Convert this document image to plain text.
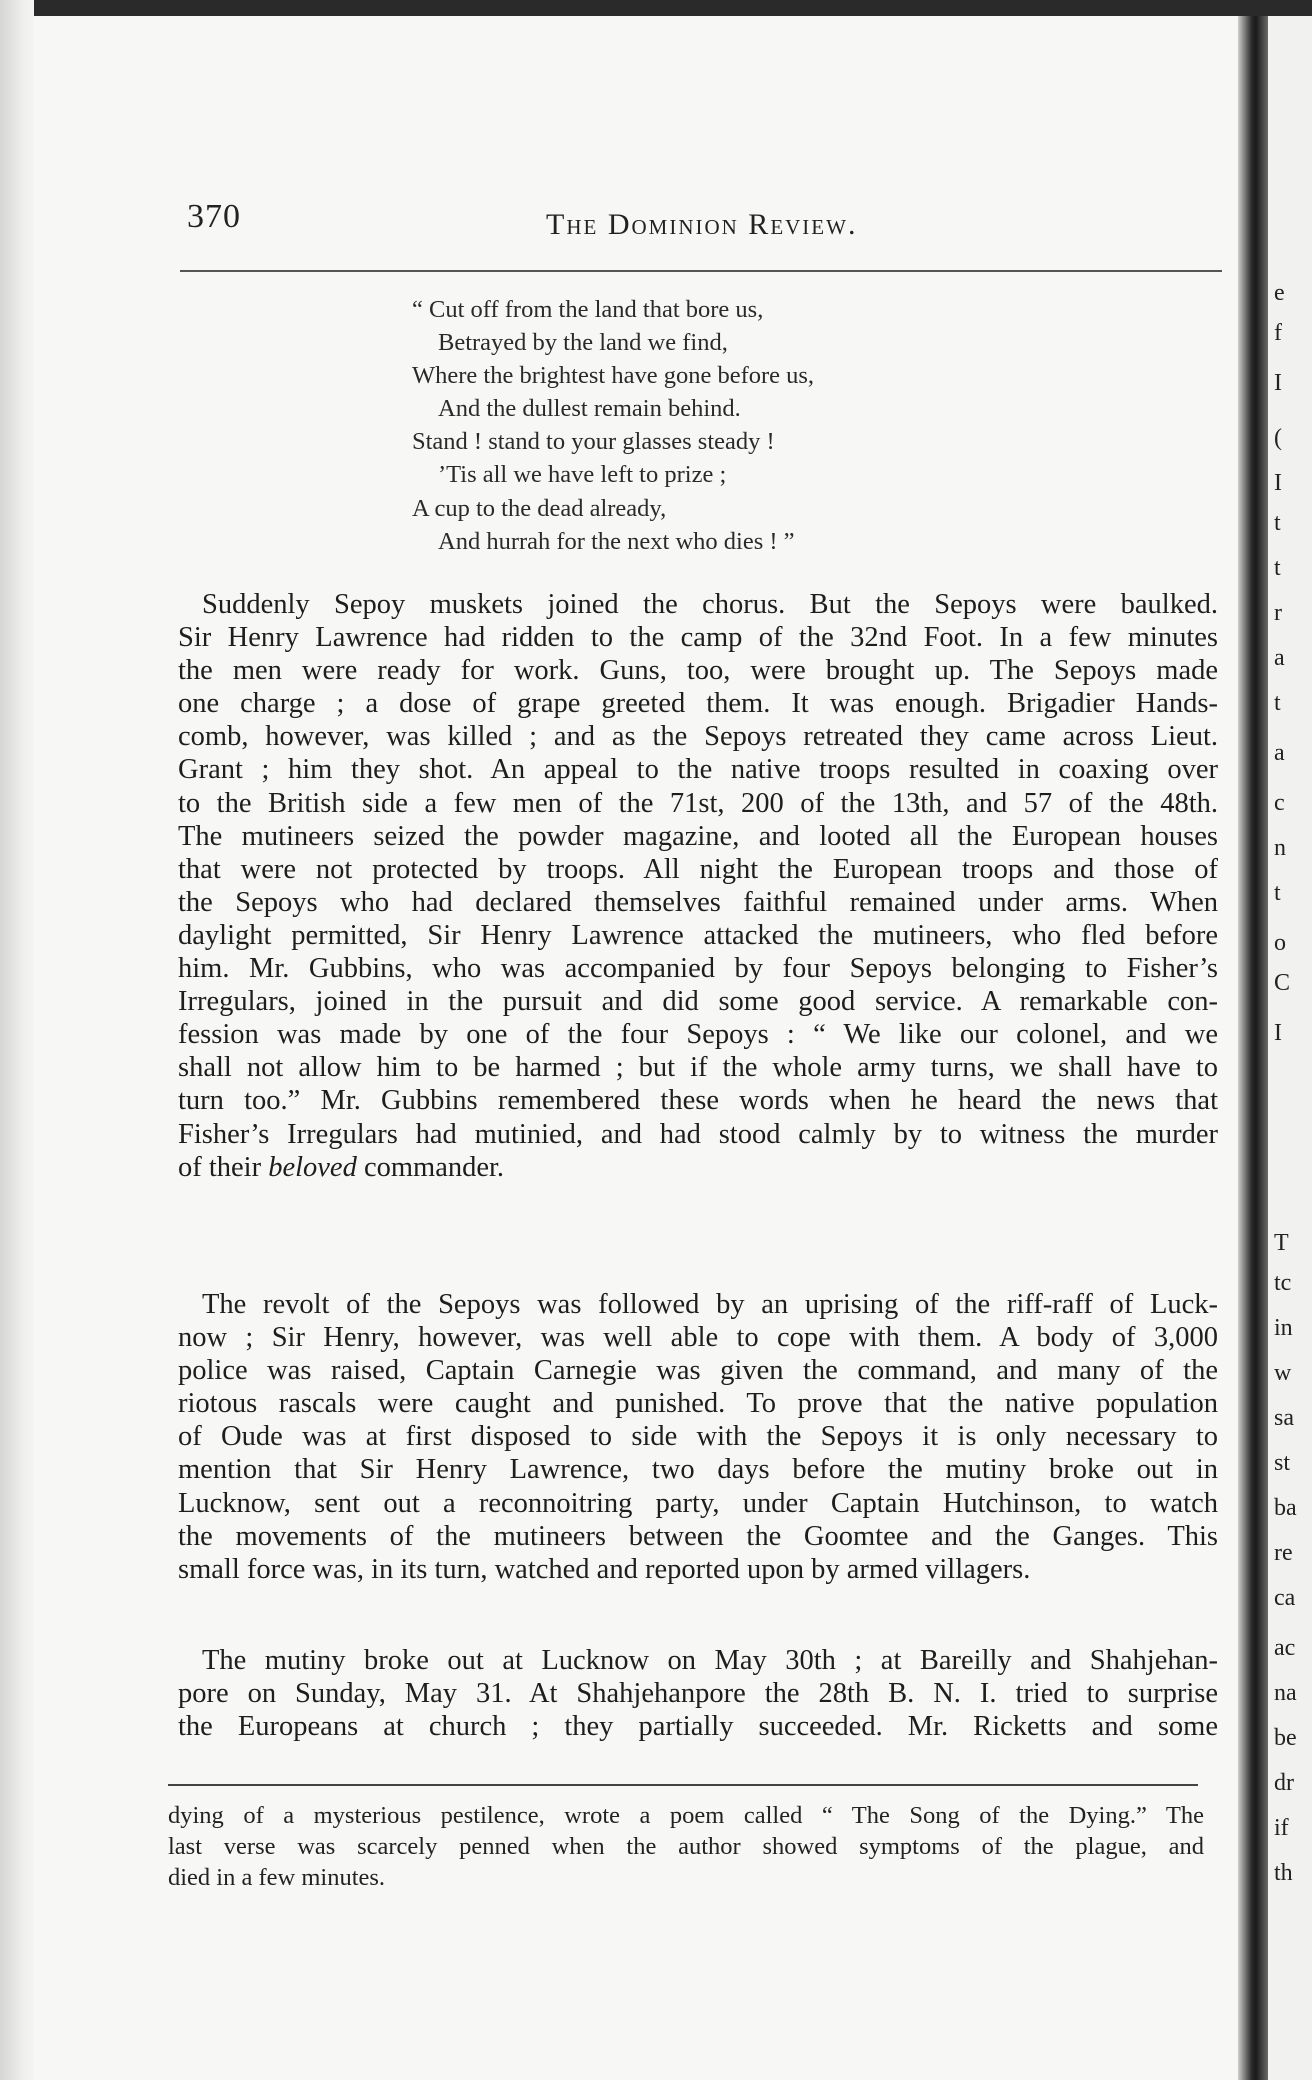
370	The Dominion Review.
“ Cut off from the land that bore us,
Betrayed by the land we find,
Where the brightest have gone before us,
And the dullest remain behind.
Stand ! stand to your glasses steady !
’Tis all we have left to prize ;
A cup to the dead already,
And hurrah for the next who dies ! ”
Suddenly Sepoy muskets joined the chorus. But the Sepoys were baulked.
Sir Henry Lawrence had ridden to the camp of the 32nd Foot. In a few minutes
the men were ready for work. Guns, too, were brought up. The Sepoys made
one charge ; a dose of grape greeted them. It was enough. Brigadier Hands-
comb, however, was killed ; and as the Sepoys retreated they came across Lieut.
Grant ; him they shot. An appeal to the native troops resulted in coaxing over
to the British side a few men of the 71st, 200 of the 13th, and 57 of the 48th.
The mutineers seized the powder magazine, and looted all the European houses
that were not protected by troops. All night the European troops and those of
the Sepoys who had declared themselves faithful remained under arms. When
daylight permitted, Sir Henry Lawrence attacked the mutineers, who fled before
him. Mr. Gubbins, who was accompanied by four Sepoys belonging to Fisher’s
Irregulars, joined in the pursuit and did some good service. A remarkable con-
fession was made by one of the four Sepoys : “ We like our colonel, and we
shall not allow him to be harmed ; but if the whole army turns, we shall have to
turn too.” Mr. Gubbins remembered these words when he heard the news that
Fisher’s Irregulars had mutinied, and had stood calmly by to witness the murder
of their beloved commander.
The revolt of the Sepoys was followed by an uprising of the riff-raff of Luck-
now ; Sir Henry, however, was well able to cope with them. A body of 3,000
police was raised, Captain Carnegie was given the command, and many of the
riotous rascals were caught and punished. To prove that the native population
of Oude was at first disposed to side with the Sepoys it is only necessary to
mention that Sir Henry Lawrence, two days before the mutiny broke out in
Lucknow, sent out a reconnoitring party, under Captain Hutchinson, to watch
the movements of the mutineers between the Goomtee and the Ganges. This
small force was, in its turn, watched and reported upon by armed villagers.
The mutiny broke out at Lucknow on May 30th ; at Bareilly and Shahjehan-
pore on Sunday, May 31. At Shahjehanpore the 28th B. N. I. tried to surprise
the Europeans at church ; they partially succeeded. Mr. Ricketts and some
dying of a mysterious pestilence, wrote a poem called “ The Song of the Dying.” The
last verse was scarcely penned when the author showed symptoms of the plague, and
died in a few minutes.
e
f
I
(
I
t
t
r
a
t
a
c
n
t
o
C
I
T
tc
in
w
sa
st
ba
re
ca
ac
na
be
dr
if
th
